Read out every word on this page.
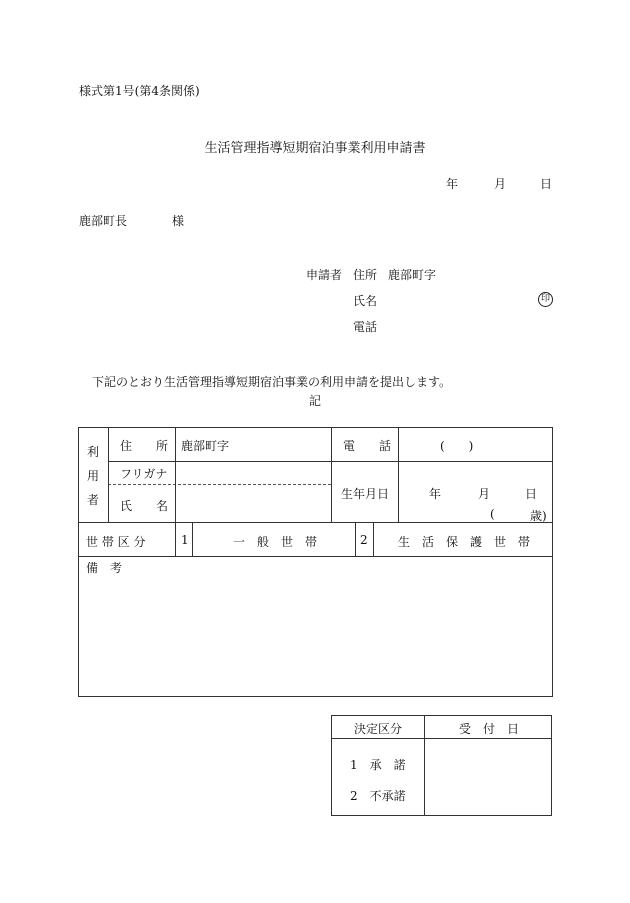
様式第1号(第4条関係)
生活管理指導短期宿泊事業利用申請書
年	月	日
鹿部町長	様
申請者 住所 鹿部町字
氏名	印
電話
下記のとおり生活管理指導短期宿泊事業の利用申請を提出します。
記
利
用
者
住　　所 鹿部町字	電　　話	(　　)
フリガナ
氏　　名
生年月日	年	月	日
(	歳)
世 帯 区 分	1	一　般　世　帯	2	生　活　保　護　世　帯
備　考
決定区分	受　付　日
1　承　諾
2　不承諾
